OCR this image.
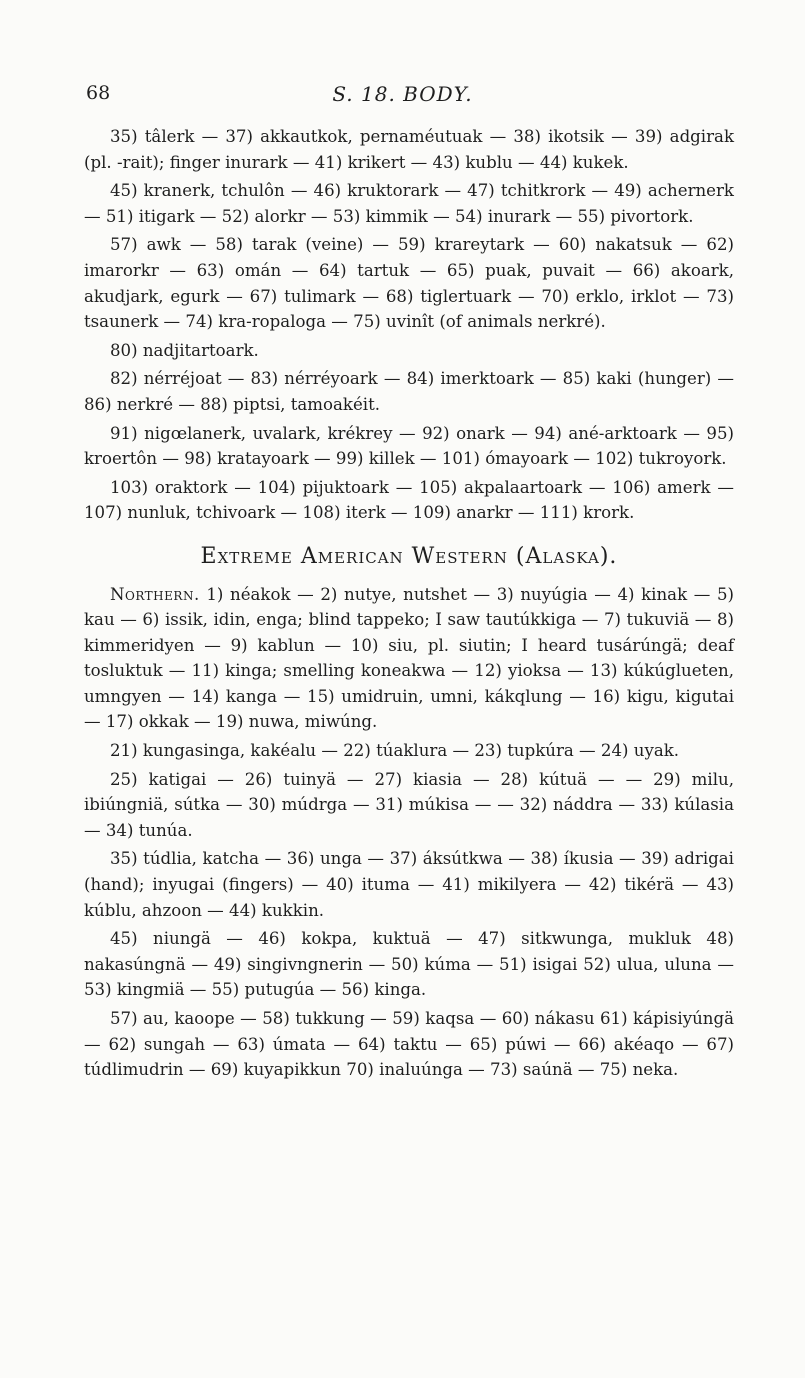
68	S. 18. BODY.

35) tâlerk — 37) akkautkok, pernaméutuak — 38) ikotsik — 39) adgirak (pl. -rait); finger inurark — 41) krikert — 43) kublu — 44) kukek.

45) kranerk, tchulôn — 46) kruktorark — 47) tchitkrork — 49) achernerk — 51) itigark — 52) alorkr — 53) kimmik — 54) inurark — 55) pivortork.

57) awk — 58) tarak (veine) — 59) krareytark — 60) nakatsuk — 62) imarorkr — 63) omán — 64) tartuk — 65) puak, puvait — 66) akoark, akudjark, egurk — 67) tulimark — 68) tiglertuark — 70) erklo, irklot — 73) tsaunerk — 74) kra-ropaloga — 75) uvinît (of animals nerkré).

80) nadjitartoark.

82) nérréjoat — 83) nérréyoark — 84) imerktoark — 85) kaki (hunger) — 86) nerkré — 88) piptsi, tamoakéit.

91) nigœlanerk, uvalark, krékrey — 92) onark — 94) ané-arktoark — 95) kroertôn — 98) kratayoark — 99) killek — 101) ómayoark — 102) tukroyork.

103) oraktork — 104) pijuktoark — 105) akpalaartoark — 106) amerk — 107) nunluk, tchivoark — 108) iterk — 109) anarkr — 111) krork.

Extreme American Western (Alaska).

Northern. 1) néakok — 2) nutye, nutshet — 3) nuyúgia — 4) kinak — 5) kau — 6) issik, idin, enga; blind tappeko; I saw tautúkkiga — 7) tukuviä — 8) kimmeridyen — 9) kablun — 10) siu, pl. siutin; I heard tusárúngä; deaf tosluktuk — 11) kinga; smelling koneakwa — 12) yioksa — 13) kúkúglueten, umngyen — 14) kanga — 15) umidruin, umni, kákqlung — 16) kigu, kigutai — 17) okkak — 19) nuwa, miwúng.

21) kungasinga, kakéalu — 22) túaklura — 23) tupkúra — 24) uyak.

25) katigai — 26) tuinyä — 27) kiasia — 28) kútuä — — 29) milu, ibiúngniä, sútka — 30) múdrga — 31) múkisa — — 32) náddra — 33) kúlasia — 34) tunúa.

35) túdlia, katcha — 36) unga — 37) áksútkwa — 38) íkusia — 39) adrigai (hand); inyugai (fingers) — 40) ituma — 41) mikilyera — 42) tikérä — 43) kúblu, ahzoon — 44) kukkin.

45) niungä — 46) kokpa, kuktuä — 47) sitkwunga, mukluk 48) nakasúngnä — 49) singivngnerin — 50) kúma — 51) isigai 52) ulua, uluna — 53) kingmiä — 55) putugúa — 56) kinga.

57) au, kaoope — 58) tukkung — 59) kaqsa — 60) nákasu 61) kápisiyúngä — 62) sungah — 63) úmata — 64) taktu — 65) púwi — 66) akéaqo — 67) túdlimudrin — 69) kuyapikkun 70) inaluúnga — 73) saúnä — 75) neka.
